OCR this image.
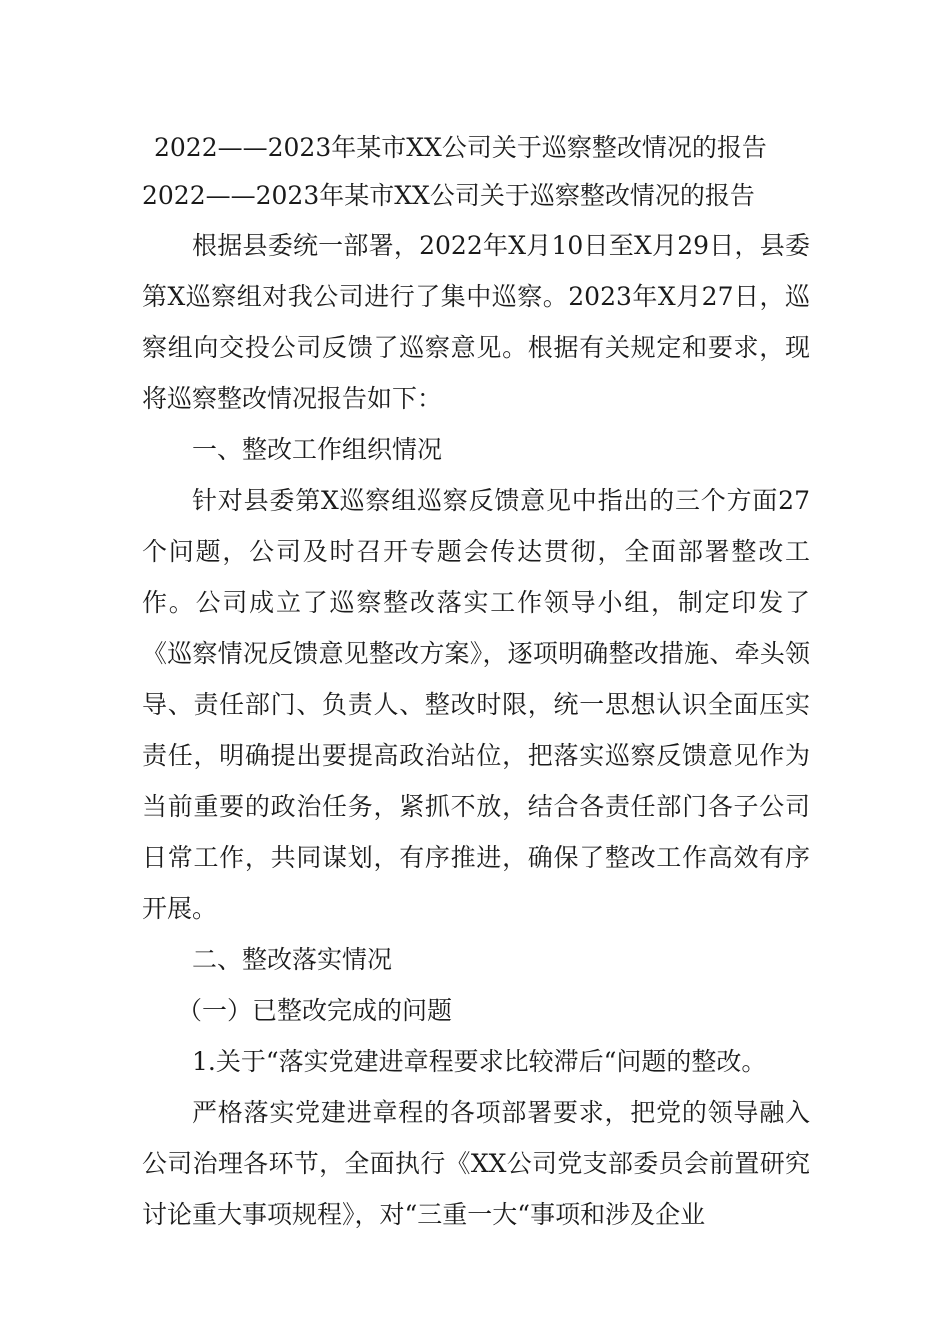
2022——2023年某市XX公司关于巡察整改情况的报告
2022——2023年某市XX公司关于巡察整改情况的报告

根据县委统一部署，2022年X月10日至X月29日，县委第X巡察组对我公司进行了集中巡察。2023年X月27日，巡察组向交投公司反馈了巡察意见。根据有关规定和要求，现将巡察整改情况报告如下：

一、整改工作组织情况

针对县委第X巡察组巡察反馈意见中指出的三个方面27个问题，公司及时召开专题会传达贯彻，全面部署整改工作。公司成立了巡察整改落实工作领导小组，制定印发了《巡察情况反馈意见整改方案》，逐项明确整改措施、牵头领导、责任部门、负责人、整改时限，统一思想认识全面压实责任，明确提出要提高政治站位，把落实巡察反馈意见作为当前重要的政治任务，紧抓不放，结合各责任部门各子公司日常工作，共同谋划，有序推进，确保了整改工作高效有序开展。

二、整改落实情况

（一）已整改完成的问题

1.关于“落实党建进章程要求比较滞后“问题的整改。

严格落实党建进章程的各项部署要求，把党的领导融入公司治理各环节，全面执行《XX公司党支部委员会前置研究讨论重大事项规程》，对“三重一大“事项和涉及企业
